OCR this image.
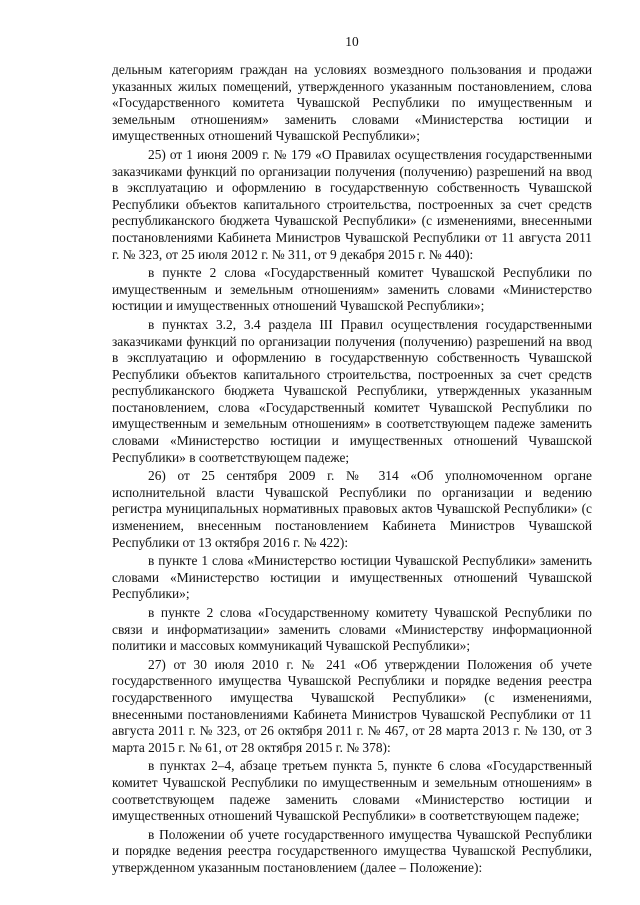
10

дельным категориям граждан на условиях возмездного пользования и продажи указанных жилых помещений, утвержденного указанным постановлением, слова «Государственного комитета Чувашской Республики по имущественным и земельным отношениям» заменить словами «Министерства юстиции и имущественных отношений Чувашской Республики»;

25) от 1 июня 2009 г. № 179 «О Правилах осуществления государственными заказчиками функций по организации получения (получению) разрешений на ввод в эксплуатацию и оформлению в государственную собственность Чувашской Республики объектов капитального строительства, построенных за счет средств республиканского бюджета Чувашской Республики» (с изменениями, внесенными постановлениями Кабинета Министров Чувашской Республики от 11 августа 2011 г. № 323, от 25 июля 2012 г. № 311, от 9 декабря 2015 г. № 440):

в пункте 2 слова «Государственный комитет Чувашской Республики по имущественным и земельным отношениям» заменить словами «Министерство юстиции и имущественных отношений Чувашской Республики»;

в пунктах 3.2, 3.4 раздела III Правил осуществления государственными заказчиками функций по организации получения (получению) разрешений на ввод в эксплуатацию и оформлению в государственную собственность Чувашской Республики объектов капитального строительства, построенных за счет средств республиканского бюджета Чувашской Республики, утвержденных указанным постановлением, слова «Государственный комитет Чувашской Республики по имущественным и земельным отношениям» в соответствующем падеже заменить словами «Министерство юстиции и имущественных отношений Чувашской Республики» в соответствующем падеже;

26) от 25 сентября 2009 г. № 314 «Об уполномоченном органе исполнительной власти Чувашской Республики по организации и ведению регистра муниципальных нормативных правовых актов Чувашской Республики» (с изменением, внесенным постановлением Кабинета Министров Чувашской Республики от 13 октября 2016 г. № 422):

в пункте 1 слова «Министерство юстиции Чувашской Республики» заменить словами «Министерство юстиции и имущественных отношений Чувашской Республики»;

в пункте 2 слова «Государственному комитету Чувашской Республики по связи и информатизации» заменить словами «Министерству информационной политики и массовых коммуникаций Чувашской Республики»;

27) от 30 июля 2010 г. № 241 «Об утверждении Положения об учете государственного имущества Чувашской Республики и порядке ведения реестра государственного имущества Чувашской Республики» (с изменениями, внесенными постановлениями Кабинета Министров Чувашской Республики от 11 августа 2011 г. № 323, от 26 октября 2011 г. № 467, от 28 марта 2013 г. № 130, от 3 марта 2015 г. № 61, от 28 октября 2015 г. № 378):

в пунктах 2–4, абзаце третьем пункта 5, пункте 6 слова «Государственный комитет Чувашской Республики по имущественным и земельным отношениям» в соответствующем падеже заменить словами «Министерство юстиции и имущественных отношений Чувашской Республики» в соответствующем падеже;

в Положении об учете государственного имущества Чувашской Республики и порядке ведения реестра государственного имущества Чувашской Республики, утвержденном указанным постановлением (далее – Положение):
